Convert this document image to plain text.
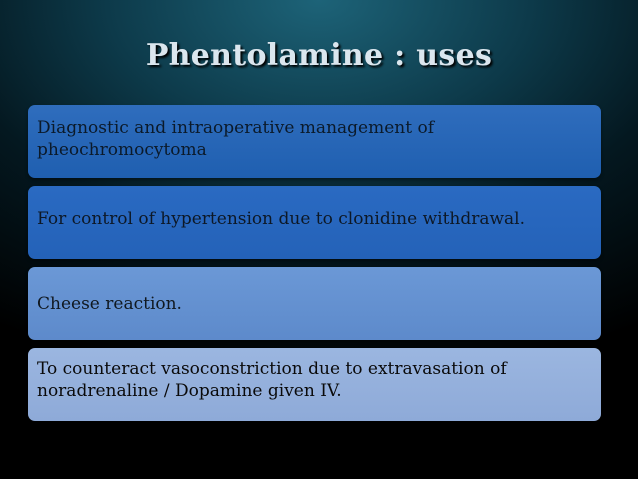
Phentolamine : uses
Diagnostic and intraoperative management of pheochromocytoma
For control of hypertension due to clonidine withdrawal.
Cheese reaction.
To counteract vasoconstriction due to extravasation of noradrenaline / Dopamine given IV.
